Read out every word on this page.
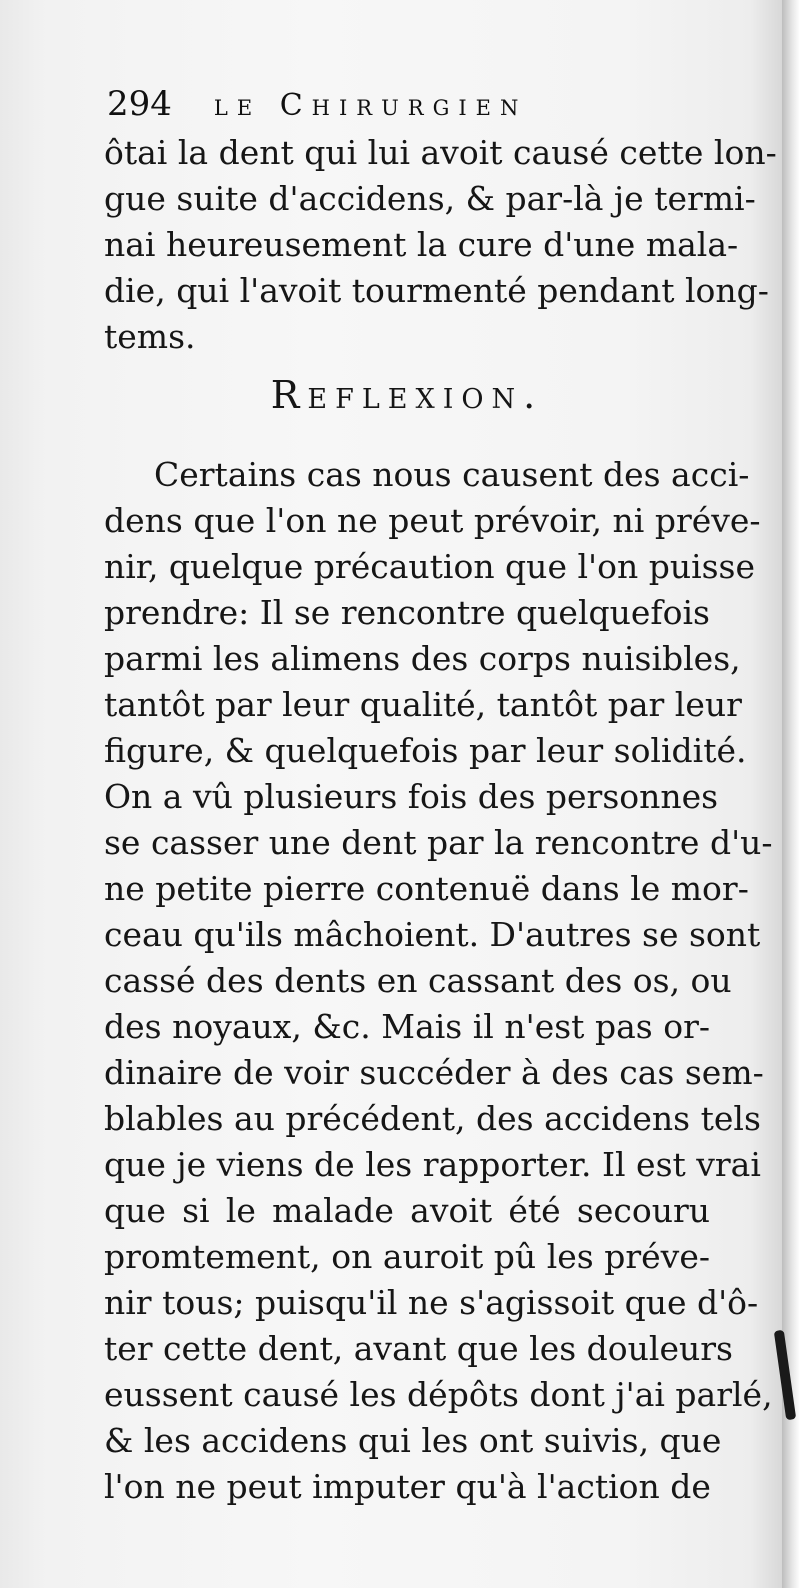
294 le Chirurgien
ôtai la dent qui lui avoit causé cette lon-
gue suite d'accidens, & par-là je termi-
nai heureusement la cure d'une mala-
die, qui l'avoit tourmenté pendant long-
tems.
Reflexion.
Certains cas nous causent des acci-
dens que l'on ne peut prévoir, ni préve-
nir, quelque précaution que l'on puisse
prendre: Il se rencontre quelquefois
parmi les alimens des corps nuisibles,
tantôt par leur qualité, tantôt par leur
figure, & quelquefois par leur solidité.
On a vû plusieurs fois des personnes
se casser une dent par la rencontre d'u-
ne petite pierre contenuë dans le mor-
ceau qu'ils mâchoient. D'autres se sont
cassé des dents en cassant des os, ou
des noyaux, &c. Mais il n'est pas or-
dinaire de voir succéder à des cas sem-
blables au précédent, des accidens tels
que je viens de les rapporter. Il est vrai
que si le malade avoit été secouru
promtement, on auroit pû les préve-
nir tous; puisqu'il ne s'agissoit que d'ô-
ter cette dent, avant que les douleurs
eussent causé les dépôts dont j'ai parlé,
& les accidens qui les ont suivis, que
l'on ne peut imputer qu'à l'action de
